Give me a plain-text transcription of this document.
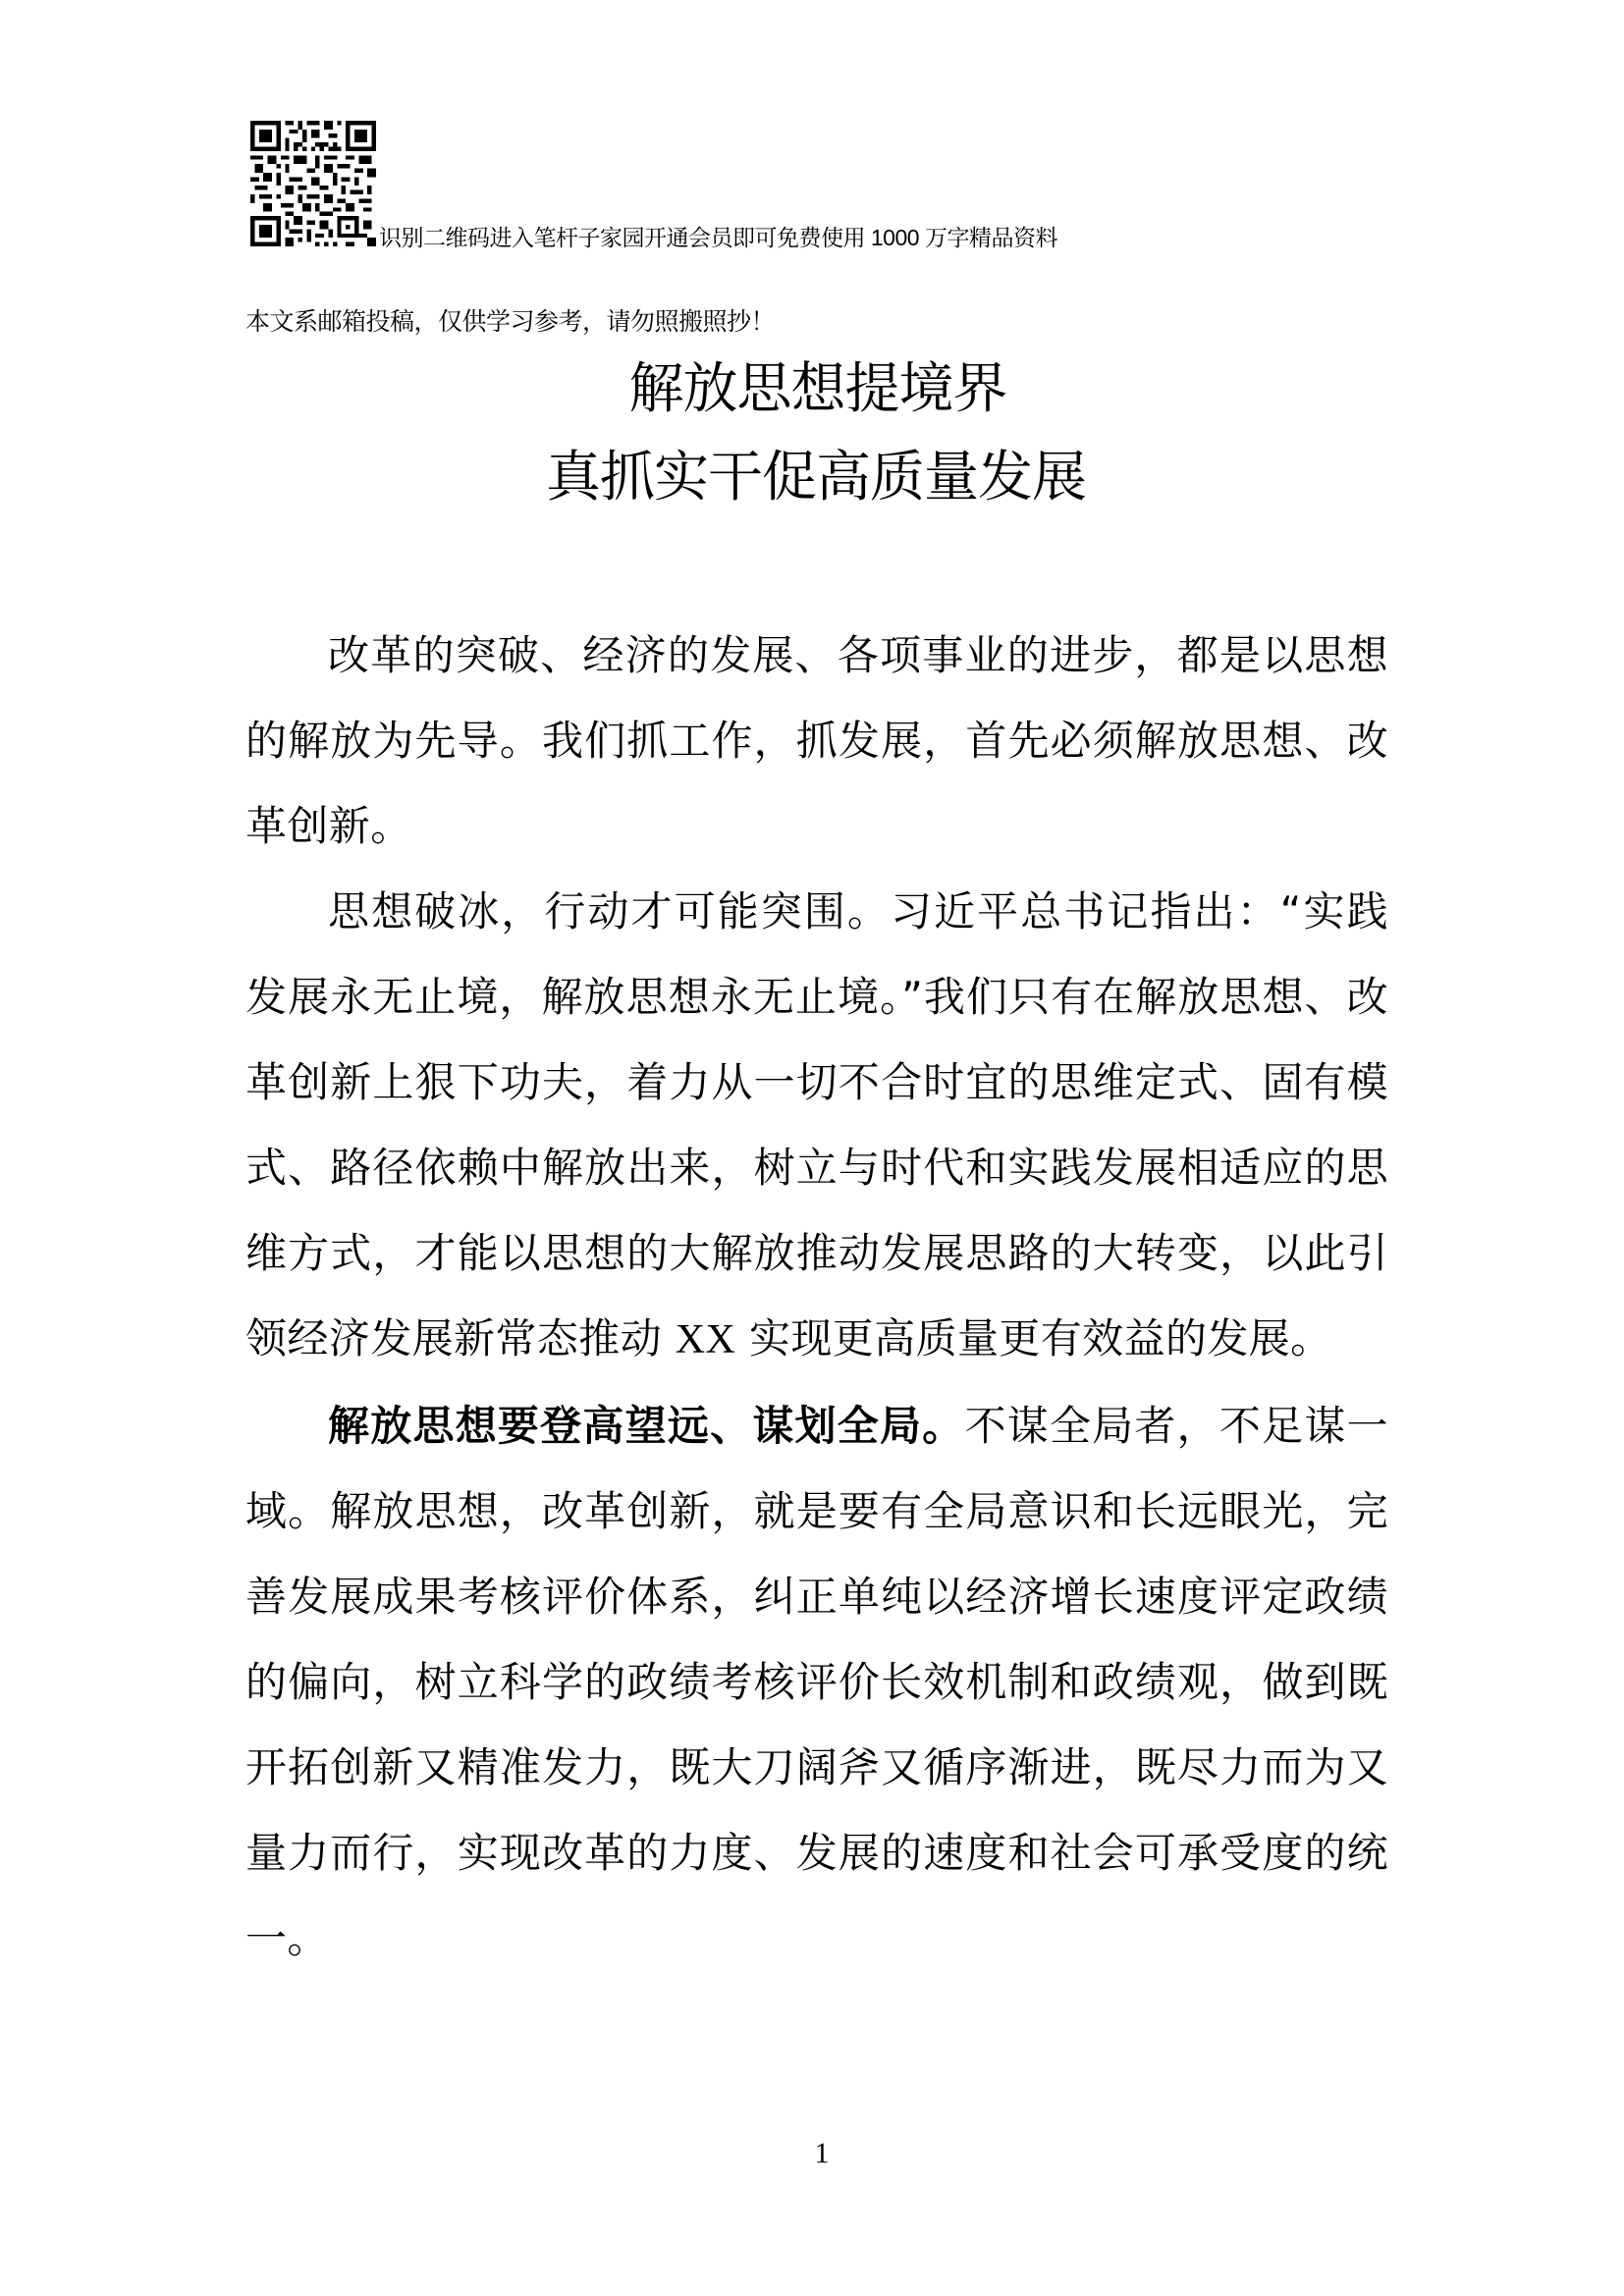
识别二维码进入笔杆子家园开通会员即可免费使用 1000 万字精品资料
本文系邮箱投稿，仅供学习参考，请勿照搬照抄！
解放思想提境界
真抓实干促高质量发展

改革的突破、经济的发展、各项事业的进步，都是以思想的解放为先导。我们抓工作，抓发展，首先必须解放思想、改革创新。

思想破冰，行动才可能突围。习近平总书记指出：“实践发展永无止境，解放思想永无止境。”我们只有在解放思想、改革创新上狠下功夫，着力从一切不合时宜的思维定式、固有模式、路径依赖中解放出来，树立与时代和实践发展相适应的思维方式，才能以思想的大解放推动发展思路的大转变，以此引领经济发展新常态推动 XX 实现更高质量更有效益的发展。

解放思想要登高望远、谋划全局。不谋全局者，不足谋一域。解放思想，改革创新，就是要有全局意识和长远眼光，完善发展成果考核评价体系，纠正单纯以经济增长速度评定政绩的偏向，树立科学的政绩考核评价长效机制和政绩观，做到既开拓创新又精准发力，既大刀阔斧又循序渐进，既尽力而为又量力而行，实现改革的力度、发展的速度和社会可承受度的统一。

1
